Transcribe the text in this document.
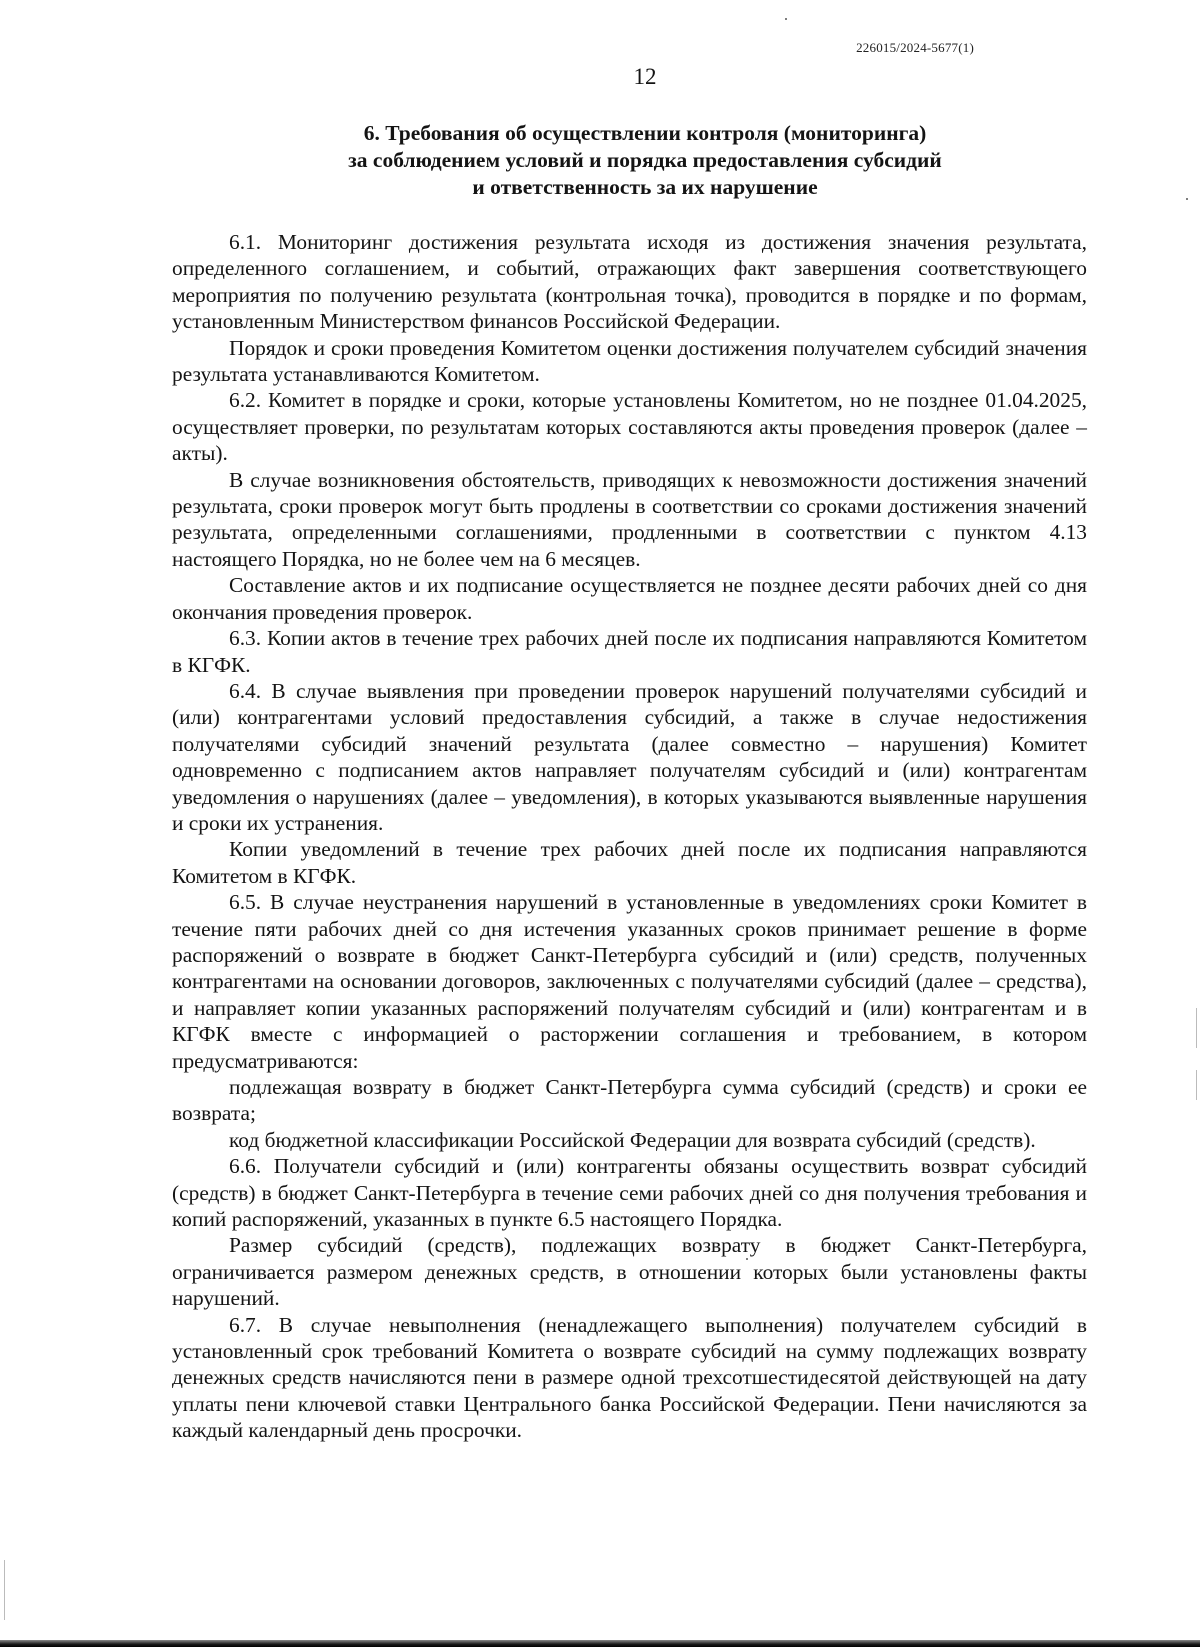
226015/2024-5677(1)
12
6. Требования об осуществлении контроля (мониторинга)
за соблюдением условий и порядка предоставления субсидий
и ответственность за их нарушение

6.1. Мониторинг достижения результата исходя из достижения значения результата, определенного соглашением, и событий, отражающих факт завершения соответствующего мероприятия по получению результата (контрольная точка), проводится в порядке и по формам, установленным Министерством финансов Российской Федерации.

Порядок и сроки проведения Комитетом оценки достижения получателем субсидий значения результата устанавливаются Комитетом.

6.2. Комитет в порядке и сроки, которые установлены Комитетом, но не позднее 01.04.2025, осуществляет проверки, по результатам которых составляются акты проведения проверок (далее – акты).

В случае возникновения обстоятельств, приводящих к невозможности достижения значений результата, сроки проверок могут быть продлены в соответствии со сроками достижения значений результата, определенными соглашениями, продленными в соответствии с пунктом 4.13 настоящего Порядка, но не более чем на 6 месяцев.

Составление актов и их подписание осуществляется не позднее десяти рабочих дней со дня окончания проведения проверок.

6.3. Копии актов в течение трех рабочих дней после их подписания направляются Комитетом в КГФК.

6.4. В случае выявления при проведении проверок нарушений получателями субсидий и (или) контрагентами условий предоставления субсидий, а также в случае недостижения получателями субсидий значений результата (далее совместно – нарушения) Комитет одновременно с подписанием актов направляет получателям субсидий и (или) контрагентам уведомления о нарушениях (далее – уведомления), в которых указываются выявленные нарушения и сроки их устранения.

Копии уведомлений в течение трех рабочих дней после их подписания направляются Комитетом в КГФК.

6.5. В случае неустранения нарушений в установленные в уведомлениях сроки Комитет в течение пяти рабочих дней со дня истечения указанных сроков принимает решение в форме распоряжений о возврате в бюджет Санкт-Петербурга субсидий и (или) средств, полученных контрагентами на основании договоров, заключенных с получателями субсидий (далее – средства), и направляет копии указанных распоряжений получателям субсидий и (или) контрагентам и в КГФК вместе с информацией о расторжении соглашения и требованием, в котором предусматриваются:

подлежащая возврату в бюджет Санкт-Петербурга сумма субсидий (средств) и сроки ее возврата;

код бюджетной классификации Российской Федерации для возврата субсидий (средств).

6.6. Получатели субсидий и (или) контрагенты обязаны осуществить возврат субсидий (средств) в бюджет Санкт-Петербурга в течение семи рабочих дней со дня получения требования и копий распоряжений, указанных в пункте 6.5 настоящего Порядка.

Размер субсидий (средств), подлежащих возврату в бюджет Санкт-Петербурга, ограничивается размером денежных средств, в отношении которых были установлены факты нарушений.

6.7. В случае невыполнения (ненадлежащего выполнения) получателем субсидий в установленный срок требований Комитета о возврате субсидий на сумму подлежащих возврату денежных средств начисляются пени в размере одной трехсотшестидесятой действующей на дату уплаты пени ключевой ставки Центрального банка Российской Федерации. Пени начисляются за каждый календарный день просрочки.
